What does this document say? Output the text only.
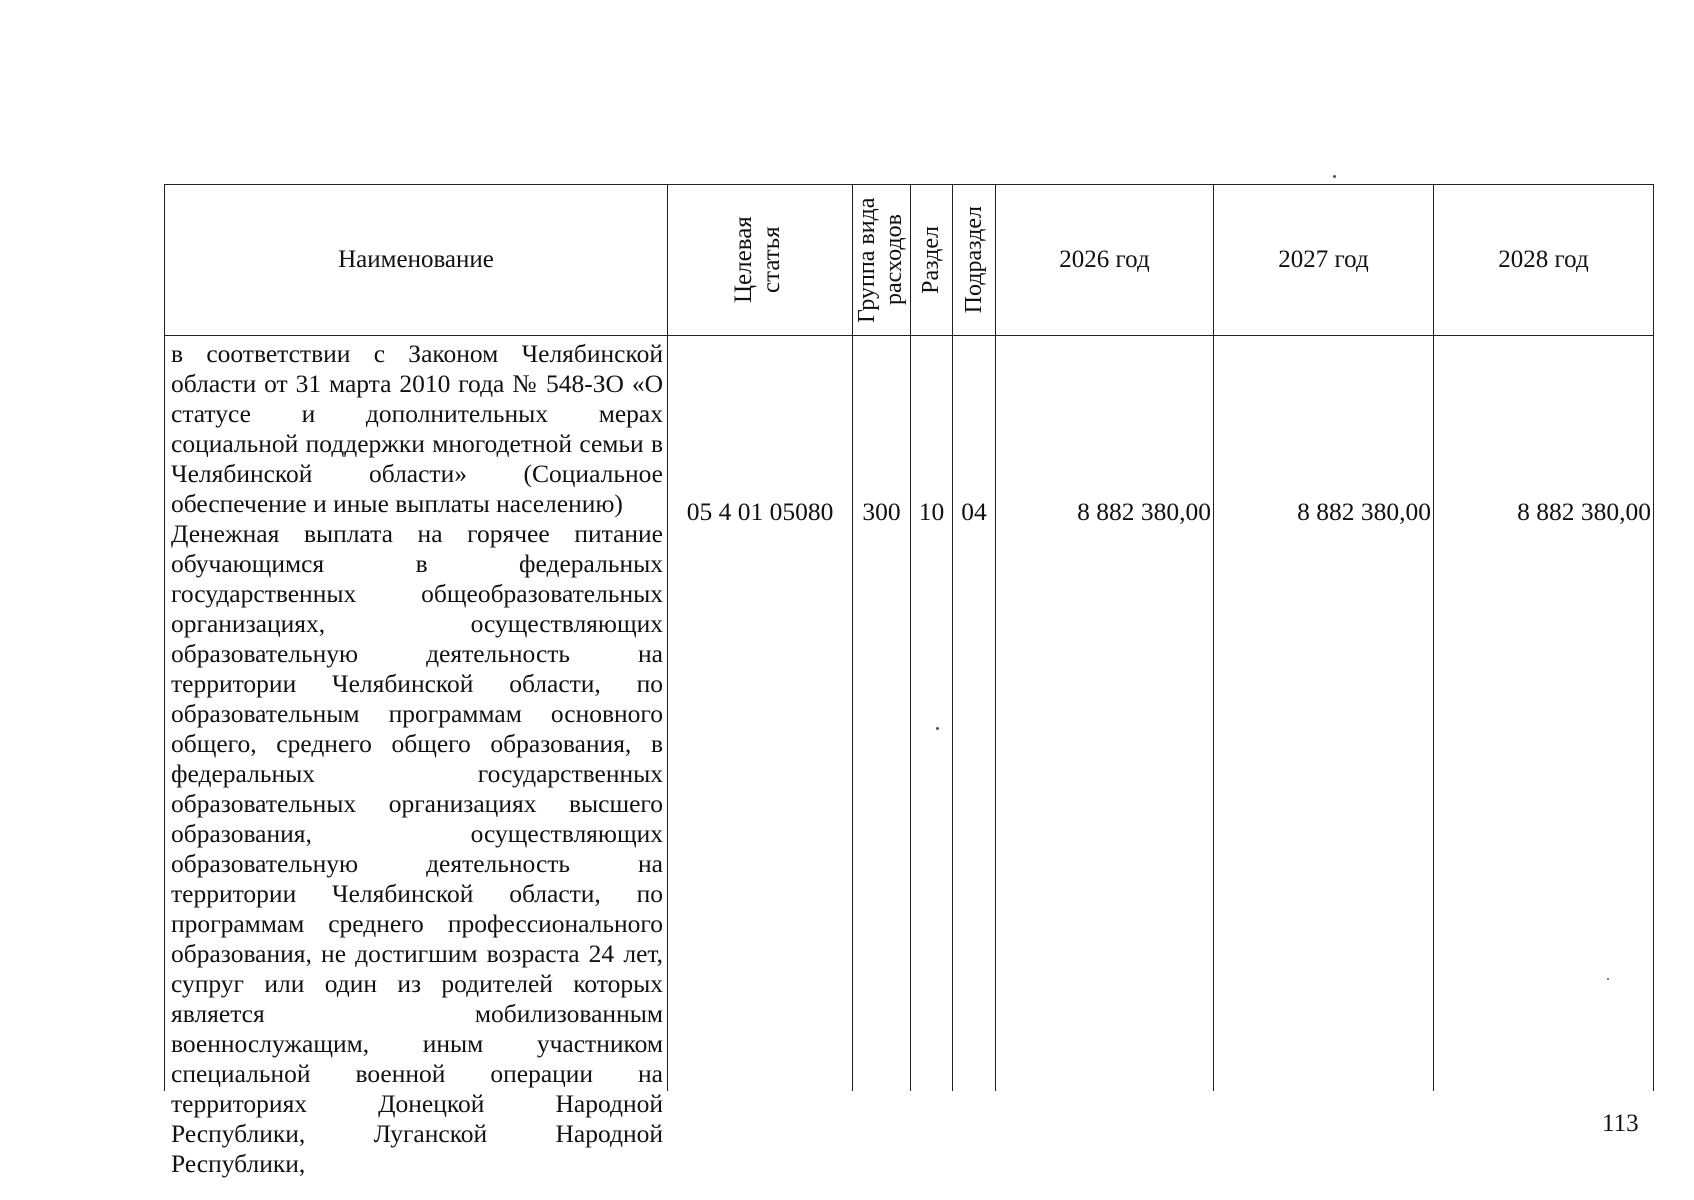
Наименование	Целевая статья	Группа вида расходов	Раздел	Подраздел	2026 год	2027 год	2028 год

в соответствии с Законом Челябинской области от 31 марта 2010 года № 548-ЗО «О статусе и дополнительных мерах социальной поддержки многодетной семьи в Челябинской области» (Социальное обеспечение и иные выплаты населению)
Денежная выплата на горячее питание обучающимся в федеральных государственных общеобразовательных организациях, осуществляющих образовательную деятельность на территории Челябинской области, по образовательным программам основного общего, среднего общего образования, в федеральных государственных образовательных организациях высшего образования, осуществляющих образовательную деятельность на территории Челябинской области, по программам среднего профессионального образования, не достигшим возраста 24 лет, супруг или один из родителей которых является мобилизованным военнослужащим, иным участником специальной военной операции на территориях Донецкой Народной Республики, Луганской Народной Республики,	05 4 01 05080	300	10	04	8 882 380,00	8 882 380,00	8 882 380,00
113
